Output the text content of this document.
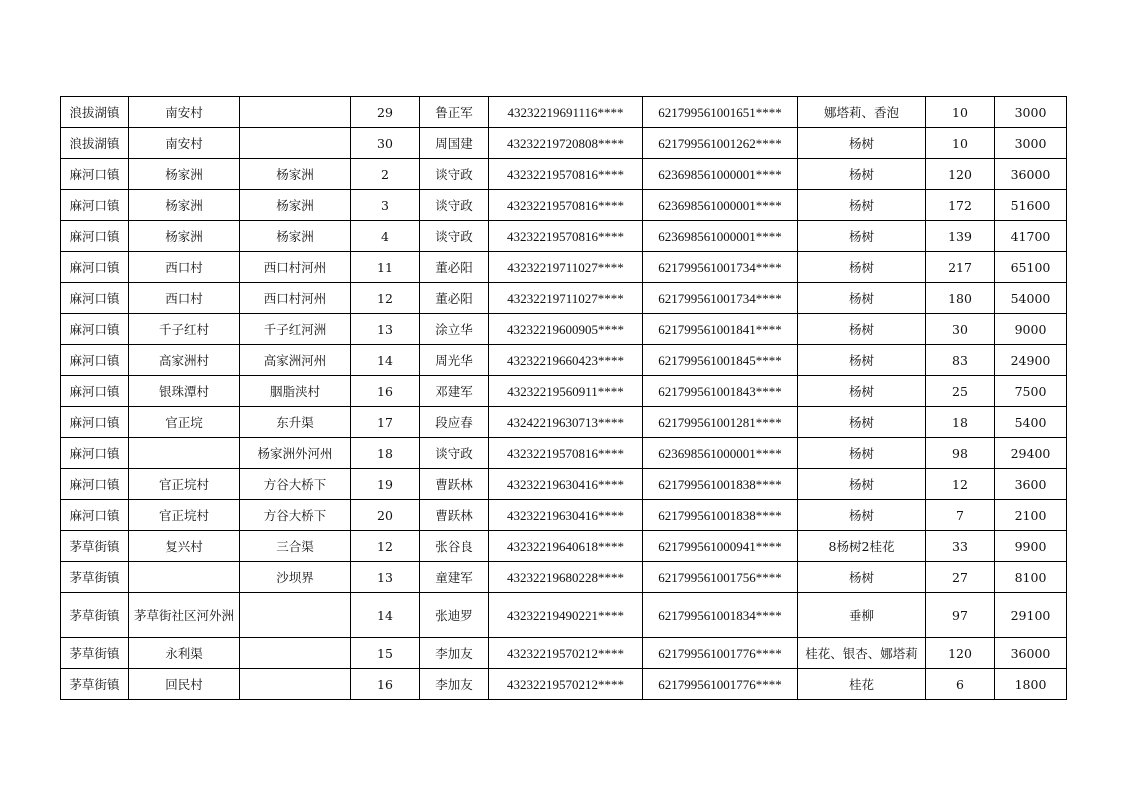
浪拔湖镇	南安村		29	鲁正军	43232219691116****	621799561001651****	娜塔莉、香泡	10	3000
浪拔湖镇	南安村		30	周国建	43232219720808****	621799561001262****	杨树	10	3000
麻河口镇	杨家洲	杨家洲	2	谈守政	43232219570816****	623698561000001****	杨树	120	36000
麻河口镇	杨家洲	杨家洲	3	谈守政	43232219570816****	623698561000001****	杨树	172	51600
麻河口镇	杨家洲	杨家洲	4	谈守政	43232219570816****	623698561000001****	杨树	139	41700
麻河口镇	西口村	西口村河州	11	董必阳	43232219711027****	621799561001734****	杨树	217	65100
麻河口镇	西口村	西口村河州	12	董必阳	43232219711027****	621799561001734****	杨树	180	54000
麻河口镇	千子红村	千子红河洲	13	涂立华	43232219600905****	621799561001841****	杨树	30	9000
麻河口镇	高家洲村	高家洲河州	14	周光华	43232219660423****	621799561001845****	杨树	83	24900
麻河口镇	银珠潭村	胭脂浃村	16	邓建军	43232219560911****	621799561001843****	杨树	25	7500
麻河口镇	官正垸	东升渠	17	段应春	43242219630713****	621799561001281****	杨树	18	5400
麻河口镇		杨家洲外河州	18	谈守政	43232219570816****	623698561000001****	杨树	98	29400
麻河口镇	官正垸村	方谷大桥下	19	曹跃林	43232219630416****	621799561001838****	杨树	12	3600
麻河口镇	官正垸村	方谷大桥下	20	曹跃林	43232219630416****	621799561001838****	杨树	7	2100
茅草街镇	复兴村	三合渠	12	张谷良	43232219640618****	621799561000941****	8杨树2桂花	33	9900
茅草街镇		沙坝界	13	童建军	43232219680228****	621799561001756****	杨树	27	8100
茅草街镇	茅草街社区河外洲		14	张迪罗	43232219490221****	621799561001834****	垂柳	97	29100
茅草街镇	永利渠		15	李加友	43232219570212****	621799561001776****	桂花、银杏、娜塔莉	120	36000
茅草街镇	回民村		16	李加友	43232219570212****	621799561001776****	桂花	6	1800
